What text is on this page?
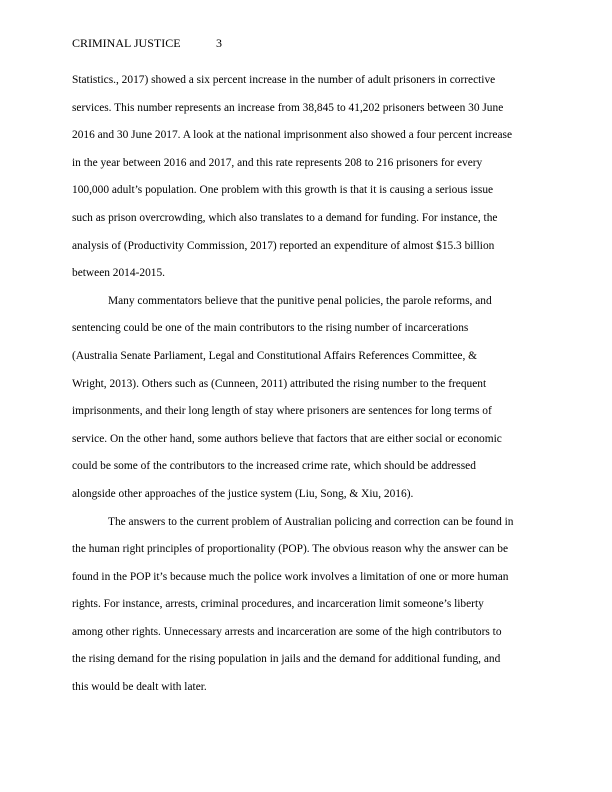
CRIMINAL JUSTICE	3
Statistics., 2017) showed a six percent increase in the number of adult prisoners in corrective
services. This number represents an increase from 38,845 to 41,202 prisoners between 30 June
2016 and 30 June 2017. A look at the national imprisonment also showed a four percent increase
in the year between 2016 and 2017, and this rate represents 208 to 216 prisoners for every
100,000 adult’s population. One problem with this growth is that it is causing a serious issue
such as prison overcrowding, which also translates to a demand for funding. For instance, the
analysis of (Productivity Commission, 2017) reported an expenditure of almost $15.3 billion
between 2014-2015.
Many commentators believe that the punitive penal policies, the parole reforms, and
sentencing could be one of the main contributors to the rising number of incarcerations
(Australia Senate Parliament, Legal and Constitutional Affairs References Committee, &
Wright, 2013). Others such as (Cunneen, 2011) attributed the rising number to the frequent
imprisonments, and their long length of stay where prisoners are sentences for long terms of
service. On the other hand, some authors believe that factors that are either social or economic
could be some of the contributors to the increased crime rate, which should be addressed
alongside other approaches of the justice system (Liu, Song, & Xiu, 2016).
The answers to the current problem of Australian policing and correction can be found in
the human right principles of proportionality (POP). The obvious reason why the answer can be
found in the POP it’s because much the police work involves a limitation of one or more human
rights. For instance, arrests, criminal procedures, and incarceration limit someone’s liberty
among other rights. Unnecessary arrests and incarceration are some of the high contributors to
the rising demand for the rising population in jails and the demand for additional funding, and
this would be dealt with later.
